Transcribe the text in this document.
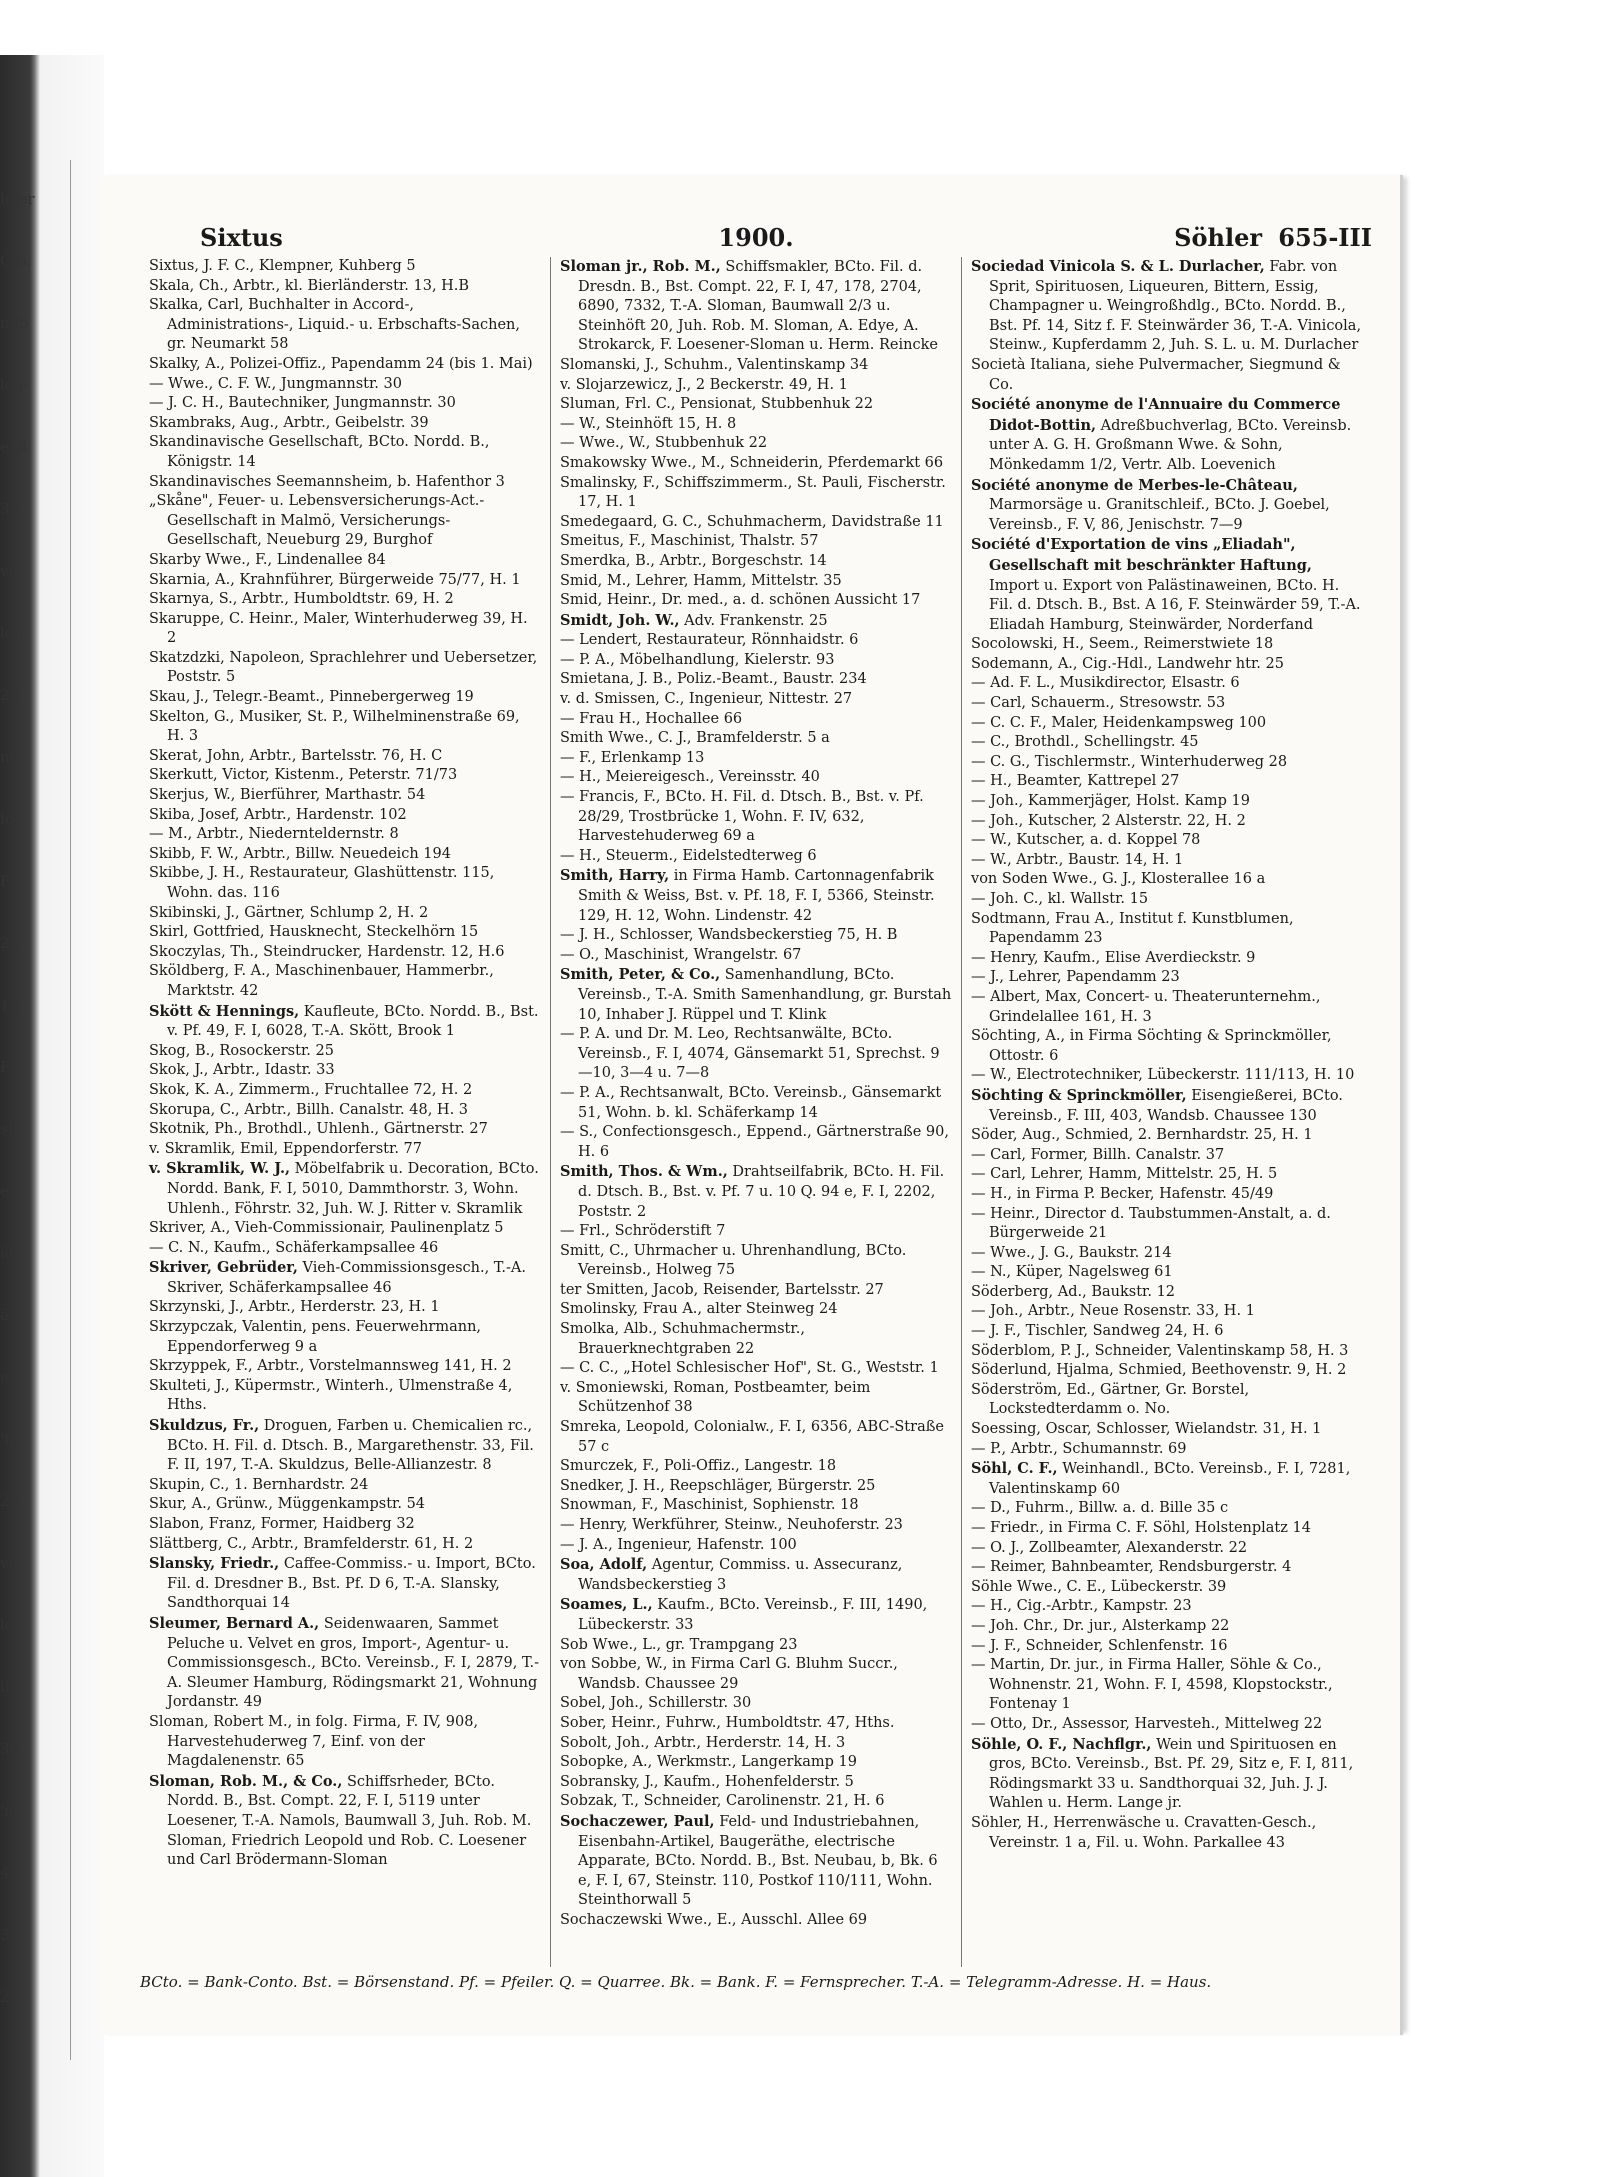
leler
Cto.
n25
len-
e14
37
ve
ler,
25
nd
ld
F.
24
12
F.
st
e-
ät-
ä-
e-
'n,
27
ve
le
lt-
30
'n
4
3
2
Sixtus	1900.	Söhler 655-III

Sixtus, J. F. C., Klempner, Kuhberg 5

Skala, Ch., Arbtr., kl. Bierländerstr. 13, H.B

Skalka, Carl, Buchhalter in Accord-, Administrations-, Liquid.- u. Erbschafts-Sachen, gr. Neumarkt 58

Skalky, A., Polizei-Offiz., Papendamm 24 (bis 1. Mai)

— Wwe., C. F. W., Jungmannstr. 30

— J. C. H., Bautechniker, Jungmannstr. 30

Skambraks, Aug., Arbtr., Geibelstr. 39

Skandinavische Gesellschaft, BCto. Nordd. B., Königstr. 14

Skandinavisches Seemannsheim, b. Hafenthor 3

„Skåne", Feuer- u. Lebensversicherungs-Act.-Gesellschaft in Malmö, Versicherungs-Gesellschaft, Neueburg 29, Burghof

Skarby Wwe., F., Lindenallee 84

Skarnia, A., Krahnführer, Bürgerweide 75/77, H. 1

Skarnya, S., Arbtr., Humboldtstr. 69, H. 2

Skaruppe, C. Heinr., Maler, Winterhuderweg 39, H. 2

Skatzdzki, Napoleon, Sprachlehrer und Uebersetzer, Poststr. 5

Skau, J., Telegr.-Beamt., Pinnebergerweg 19

Skelton, G., Musiker, St. P., Wilhelminenstraße 69, H. 3

Skerat, John, Arbtr., Bartelsstr. 76, H. C

Skerkutt, Victor, Kistenm., Peterstr. 71/73

Skerjus, W., Bierführer, Marthastr. 54

Skiba, Josef, Arbtr., Hardenstr. 102

— M., Arbtr., Niedernteldernstr. 8

Skibb, F. W., Arbtr., Billw. Neuedeich 194

Skibbe, J. H., Restaurateur, Glashüttenstr. 115, Wohn. das. 116

Skibinski, J., Gärtner, Schlump 2, H. 2

Skirl, Gottfried, Hausknecht, Steckelhörn 15

Skoczylas, Th., Steindrucker, Hardenstr. 12, H.6

Sköldberg, F. A., Maschinenbauer, Hammerbr., Marktstr. 42

Skött & Hennings, Kaufleute, BCto. Nordd. B., Bst. v. Pf. 49, F. I, 6028, T.-A. Skött, Brook 1

Skog, B., Rosockerstr. 25

Skok, J., Arbtr., Idastr. 33

Skok, K. A., Zimmerm., Fruchtallee 72, H. 2

Skorupa, C., Arbtr., Billh. Canalstr. 48, H. 3

Skotnik, Ph., Brothdl., Uhlenh., Gärtnerstr. 27

v. Skramlik, Emil, Eppendorferstr. 77

v. Skramlik, W. J., Möbelfabrik u. Decoration, BCto. Nordd. Bank, F. I, 5010, Dammthorstr. 3, Wohn. Uhlenh., Föhrstr. 32, Juh. W. J. Ritter v. Skramlik

Skriver, A., Vieh-Commissionair, Paulinenplatz 5

— C. N., Kaufm., Schäferkampsallee 46

Skriver, Gebrüder, Vieh-Commissionsgesch., T.-A. Skriver, Schäferkampsallee 46

Skrzynski, J., Arbtr., Herderstr. 23, H. 1

Skrzypczak, Valentin, pens. Feuerwehrmann, Eppendorferweg 9 a

Skrzyppek, F., Arbtr., Vorstelmannsweg 141, H. 2

Skulteti, J., Küpermstr., Winterh., Ulmenstraße 4, Hths.

Skuldzus, Fr., Droguen, Farben u. Chemicalien rc., BCto. H. Fil. d. Dtsch. B., Margarethenstr. 33, Fil. F. II, 197, T.-A. Skuldzus, Belle-Allianzestr. 8

Skupin, C., 1. Bernhardstr. 24

Skur, A., Grünw., Müggenkampstr. 54

Slabon, Franz, Former, Haidberg 32

Slättberg, C., Arbtr., Bramfelderstr. 61, H. 2

Slansky, Friedr., Caffee-Commiss.- u. Import, BCto. Fil. d. Dresdner B., Bst. Pf. D 6, T.-A. Slansky, Sandthorquai 14

Sleumer, Bernard A., Seidenwaaren, Sammet Peluche u. Velvet en gros, Import-, Agentur- u. Commissionsgesch., BCto. Vereinsb., F. I, 2879, T.-A. Sleumer Hamburg, Rödingsmarkt 21, Wohnung Jordanstr. 49

Sloman, Robert M., in folg. Firma, F. IV, 908, Harvestehuderweg 7, Einf. von der Magdalenenstr. 65

Sloman, Rob. M., & Co., Schiffsrheder, BCto. Nordd. B., Bst. Compt. 22, F. I, 5119 unter Loesener, T.-A. Namols, Baumwall 3, Juh. Rob. M. Sloman, Friedrich Leopold und Rob. C. Loesener und Carl Brödermann-Sloman

Sloman jr., Rob. M., Schiffsmakler, BCto. Fil. d. Dresdn. B., Bst. Compt. 22, F. I, 47, 178, 2704, 6890, 7332, T.-A. Sloman, Baumwall 2/3 u. Steinhöft 20, Juh. Rob. M. Sloman, A. Edye, A. Strokarck, F. Loesener-Sloman u. Herm. Reincke

Slomanski, J., Schuhm., Valentinskamp 34

v. Slojarzewicz, J., 2 Beckerstr. 49, H. 1

Sluman, Frl. C., Pensionat, Stubbenhuk 22

— W., Steinhöft 15, H. 8

— Wwe., W., Stubbenhuk 22

Smakowsky Wwe., M., Schneiderin, Pferdemarkt 66

Smalinsky, F., Schiffszimmerm., St. Pauli, Fischerstr. 17, H. 1

Smedegaard, G. C., Schuhmacherm, Davidstraße 11

Smeitus, F., Maschinist, Thalstr. 57

Smerdka, B., Arbtr., Borgeschstr. 14

Smid, M., Lehrer, Hamm, Mittelstr. 35

Smid, Heinr., Dr. med., a. d. schönen Aussicht 17

Smidt, Joh. W., Adv. Frankenstr. 25

— Lendert, Restaurateur, Rönnhaidstr. 6

— P. A., Möbelhandlung, Kielerstr. 93

Smietana, J. B., Poliz.-Beamt., Baustr. 234

v. d. Smissen, C., Ingenieur, Nittestr. 27

— Frau H., Hochallee 66

Smith Wwe., C. J., Bramfelderstr. 5 a

— F., Erlenkamp 13

— H., Meiereigesch., Vereinsstr. 40

— Francis, F., BCto. H. Fil. d. Dtsch. B., Bst. v. Pf. 28/29, Trostbrücke 1, Wohn. F. IV, 632, Harvestehuderweg 69 a

— H., Steuerm., Eidelstedterweg 6

Smith, Harry, in Firma Hamb. Cartonnagenfabrik Smith & Weiss, Bst. v. Pf. 18, F. I, 5366, Steinstr. 129, H. 12, Wohn. Lindenstr. 42

— J. H., Schlosser, Wandsbeckerstieg 75, H. B

— O., Maschinist, Wrangelstr. 67

Smith, Peter, & Co., Samenhandlung, BCto. Vereinsb., T.-A. Smith Samenhandlung, gr. Burstah 10, Inhaber J. Rüppel und T. Klink

— P. A. und Dr. M. Leo, Rechtsanwälte, BCto. Vereinsb., F. I, 4074, Gänsemarkt 51, Sprechst. 9—10, 3—4 u. 7—8

— P. A., Rechtsanwalt, BCto. Vereinsb., Gänsemarkt 51, Wohn. b. kl. Schäferkamp 14

— S., Confectionsgesch., Eppend., Gärtnerstraße 90, H. 6

Smith, Thos. & Wm., Drahtseilfabrik, BCto. H. Fil. d. Dtsch. B., Bst. v. Pf. 7 u. 10 Q. 94 e, F. I, 2202, Poststr. 2

— Frl., Schröderstift 7

Smitt, C., Uhrmacher u. Uhrenhandlung, BCto. Vereinsb., Holweg 75

ter Smitten, Jacob, Reisender, Bartelsstr. 27

Smolinsky, Frau A., alter Steinweg 24

Smolka, Alb., Schuhmachermstr., Brauerknechtgraben 22

— C. C., „Hotel Schlesischer Hof", St. G., Weststr. 1

v. Smoniewski, Roman, Postbeamter, beim Schützenhof 38

Smreka, Leopold, Colonialw., F. I, 6356, ABC-Straße 57 c

Smurczek, F., Poli-Offiz., Langestr. 18

Snedker, J. H., Reepschläger, Bürgerstr. 25

Snowman, F., Maschinist, Sophienstr. 18

— Henry, Werkführer, Steinw., Neuhoferstr. 23

— J. A., Ingenieur, Hafenstr. 100

Soa, Adolf, Agentur, Commiss. u. Assecuranz, Wandsbeckerstieg 3

Soames, L., Kaufm., BCto. Vereinsb., F. III, 1490, Lübeckerstr. 33

Sob Wwe., L., gr. Trampgang 23

von Sobbe, W., in Firma Carl G. Bluhm Succr., Wandsb. Chaussee 29

Sobel, Joh., Schillerstr. 30

Sober, Heinr., Fuhrw., Humboldtstr. 47, Hths.

Sobolt, Joh., Arbtr., Herderstr. 14, H. 3

Sobopke, A., Werkmstr., Langerkamp 19

Sobransky, J., Kaufm., Hohenfelderstr. 5

Sobzak, T., Schneider, Carolinenstr. 21, H. 6

Sochaczewer, Paul, Feld- und Industriebahnen, Eisenbahn-Artikel, Baugeräthe, electrische Apparate, BCto. Nordd. B., Bst. Neubau, b, Bk. 6 e, F. I, 67, Steinstr. 110, Postkof 110/111, Wohn. Steinthorwall 5

Sochaczewski Wwe., E., Ausschl. Allee 69

Sociedad Vinicola S. & L. Durlacher, Fabr. von Sprit, Spirituosen, Liqueuren, Bittern, Essig, Champagner u. Weingroßhdlg., BCto. Nordd. B., Bst. Pf. 14, Sitz f. F. Steinwärder 36, T.-A. Vinicola, Steinw., Kupferdamm 2, Juh. S. L. u. M. Durlacher

Società Italiana, siehe Pulvermacher, Siegmund & Co.

Société anonyme de l'Annuaire du Commerce Didot-Bottin, Adreßbuchverlag, BCto. Vereinsb. unter A. G. H. Großmann Wwe. & Sohn, Mönkedamm 1/2, Vertr. Alb. Loevenich

Société anonyme de Merbes-le-Château, Marmorsäge u. Granitschleif., BCto. J. Goebel, Vereinsb., F. V, 86, Jenischstr. 7—9

Société d'Exportation de vins „Eliadah", Gesellschaft mit beschränkter Haftung, Import u. Export von Palästinaweinen, BCto. H. Fil. d. Dtsch. B., Bst. A 16, F. Steinwärder 59, T.-A. Eliadah Hamburg, Steinwärder, Norderfand

Socolowski, H., Seem., Reimerstwiete 18

Sodemann, A., Cig.-Hdl., Landwehr htr. 25

— Ad. F. L., Musikdirector, Elsastr. 6

— Carl, Schauerm., Stresowstr. 53

— C. C. F., Maler, Heidenkampsweg 100

— C., Brothdl., Schellingstr. 45

— C. G., Tischlermstr., Winterhuderweg 28

— H., Beamter, Kattrepel 27

— Joh., Kammerjäger, Holst. Kamp 19

— Joh., Kutscher, 2 Alsterstr. 22, H. 2

— W., Kutscher, a. d. Koppel 78

— W., Arbtr., Baustr. 14, H. 1

von Soden Wwe., G. J., Klosterallee 16 a

— Joh. C., kl. Wallstr. 15

Sodtmann, Frau A., Institut f. Kunstblumen, Papendamm 23

— Henry, Kaufm., Elise Averdieckstr. 9

— J., Lehrer, Papendamm 23

— Albert, Max, Concert- u. Theaterunternehm., Grindelallee 161, H. 3

Söchting, A., in Firma Söchting & Sprinckmöller, Ottostr. 6

— W., Electrotechniker, Lübeckerstr. 111/113, H. 10

Söchting & Sprinckmöller, Eisengießerei, BCto. Vereinsb., F. III, 403, Wandsb. Chaussee 130

Söder, Aug., Schmied, 2. Bernhardstr. 25, H. 1

— Carl, Former, Billh. Canalstr. 37

— Carl, Lehrer, Hamm, Mittelstr. 25, H. 5

— H., in Firma P. Becker, Hafenstr. 45/49

— Heinr., Director d. Taubstummen-Anstalt, a. d. Bürgerweide 21

— Wwe., J. G., Baukstr. 214

— N., Küper, Nagelsweg 61

Söderberg, Ad., Baukstr. 12

— Joh., Arbtr., Neue Rosenstr. 33, H. 1

— J. F., Tischler, Sandweg 24, H. 6

Söderblom, P. J., Schneider, Valentinskamp 58, H. 3

Söderlund, Hjalma, Schmied, Beethovenstr. 9, H. 2

Söderström, Ed., Gärtner, Gr. Borstel, Lockstedterdamm o. No.

Soessing, Oscar, Schlosser, Wielandstr. 31, H. 1

— P., Arbtr., Schumannstr. 69

Söhl, C. F., Weinhandl., BCto. Vereinsb., F. I, 7281, Valentinskamp 60

— D., Fuhrm., Billw. a. d. Bille 35 c

— Friedr., in Firma C. F. Söhl, Holstenplatz 14

— O. J., Zollbeamter, Alexanderstr. 22

— Reimer, Bahnbeamter, Rendsburgerstr. 4

Söhle Wwe., C. E., Lübeckerstr. 39

— H., Cig.-Arbtr., Kampstr. 23

— Joh. Chr., Dr. jur., Alsterkamp 22

— J. F., Schneider, Schlenfenstr. 16

— Martin, Dr. jur., in Firma Haller, Söhle & Co., Wohnenstr. 21, Wohn. F. I, 4598, Klopstockstr., Fontenay 1

— Otto, Dr., Assessor, Harvesteh., Mittelweg 22

Söhle, O. F., Nachflgr., Wein und Spirituosen en gros, BCto. Vereinsb., Bst. Pf. 29, Sitz e, F. I, 811, Rödingsmarkt 33 u. Sandthorquai 32, Juh. J. J. Wahlen u. Herm. Lange jr.

Söhler, H., Herrenwäsche u. Cravatten-Gesch., Vereinstr. 1 a, Fil. u. Wohn. Parkallee 43

BCto. = Bank-Conto. Bst. = Börsenstand. Pf. = Pfeiler. Q. = Quarree. Bk. = Bank. F. = Fernsprecher. T.-A. = Telegramm-Adresse. H. = Haus.
